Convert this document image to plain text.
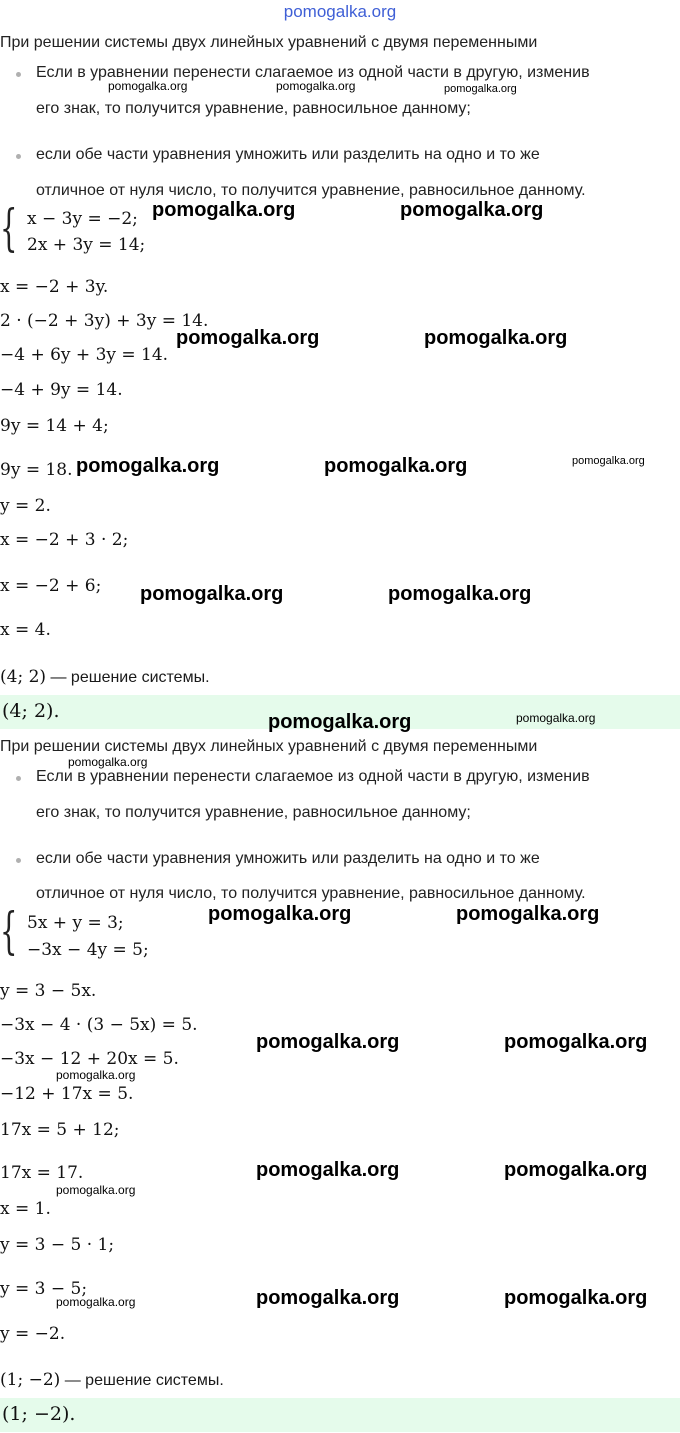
pomogalka.org
При решении системы двух линейных уравнений с двумя переменными
Если в уравнении перенести слагаемое из одной части в другую, изменив
его знак, то получится уравнение, равносильное данному;
если обе части уравнения умножить или разделить на одно и то же
отличное от нуля число, то получится уравнение, равносильное данному.
{ x − 3y = −2;
2x + 3y = 14;
x = −2 + 3y.
2 · (−2 + 3y) + 3y = 14.
−4 + 6y + 3y = 14.
−4 + 9y = 14.
9y = 14 + 4;
9y = 18.
y = 2.
x = −2 + 3 · 2;
x = −2 + 6;
x = 4.
(4; 2) — решение системы.
(4; 2).
При решении системы двух линейных уравнений с двумя переменными
Если в уравнении перенести слагаемое из одной части в другую, изменив
его знак, то получится уравнение, равносильное данному;
если обе части уравнения умножить или разделить на одно и то же
отличное от нуля число, то получится уравнение, равносильное данному.
{ 5x + y = 3;
−3x − 4y = 5;
y = 3 − 5x.
−3x − 4 · (3 − 5x) = 5.
−3x − 12 + 20x = 5.
−12 + 17x = 5.
17x = 5 + 12;
17x = 17.
x = 1.
y = 3 − 5 · 1;
y = 3 − 5;
y = −2.
(1; −2) — решение системы.
(1; −2).
pomogalka.org	pomogalka.org	pomogalka.org
pomogalka.org	pomogalka.org
pomogalka.org	pomogalka.org
pomogalka.org	pomogalka.org	pomogalka.org
pomogalka.org	pomogalka.org
pomogalka.org	pomogalka.org
pomogalka.org
pomogalka.org	pomogalka.org
pomogalka.org	pomogalka.org
pomogalka.org
pomogalka.org	pomogalka.org
pomogalka.org
pomogalka.org	pomogalka.org
pomogalka.org
